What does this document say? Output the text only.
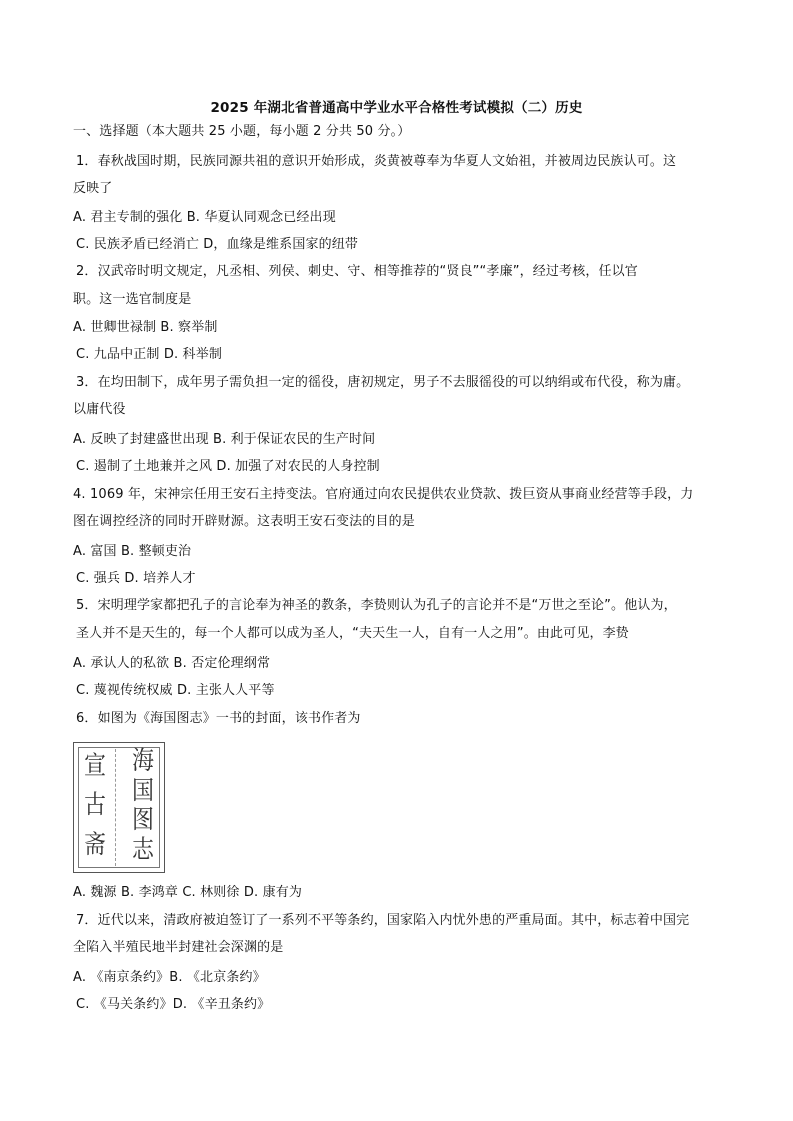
2025 年湖北省普通高中学业水平合格性考试模拟（二）历史
一、选择题（本大题共 25 小题，每小题 2 分共 50 分。）
1．春秋战国时期，民族同源共祖的意识开始形成，炎黄被尊奉为华夏人文始祖，并被周边民族认可。这
反映了
A. 君主专制的强化 B. 华夏认同观念已经出现
C. 民族矛盾已经消亡 D，血缘是维系国家的纽带
2．汉武帝时明文规定，凡丞相、列侯、刺史、守、相等推荐的“贤良”“孝廉”，经过考核，任以官
职。这一选官制度是
A. 世卿世禄制 B. 察举制
C. 九品中正制 D. 科举制
3．在均田制下，成年男子需负担一定的徭役，唐初规定，男子不去服徭役的可以纳绢或布代役，称为庸。
以庸代役
A. 反映了封建盛世出现 B. 利于保证农民的生产时间
C. 遏制了土地兼并之风 D. 加强了对农民的人身控制
4. 1069 年，宋神宗任用王安石主持变法。官府通过向农民提供农业贷款、拨巨资从事商业经营等手段，力
图在调控经济的同时开辟财源。这表明王安石变法的目的是
A. 富国 B. 整顿吏治
C. 强兵 D. 培养人才
5．宋明理学家都把孔子的言论奉为神圣的教条，李贽则认为孔子的言论并不是“万世之至论”。他认为，
圣人并不是天生的，每一个人都可以成为圣人，“夫天生一人，自有一人之用”。由此可见，李贽
A. 承认人的私欲 B. 否定伦理纲常
C. 蔑视传统权威 D. 主张人人平等
6．如图为《海国图志》一书的封面，该书作者为
海
国
图
志
宣
古
斋
A. 魏源 B. 李鸿章 C. 林则徐 D. 康有为
7．近代以来，清政府被迫签订了一系列不平等条约，国家陷入内忧外患的严重局面。其中，标志着中国完
全陷入半殖民地半封建社会深渊的是
A. 《南京条约》B. 《北京条约》
C. 《马关条约》D. 《辛丑条约》
